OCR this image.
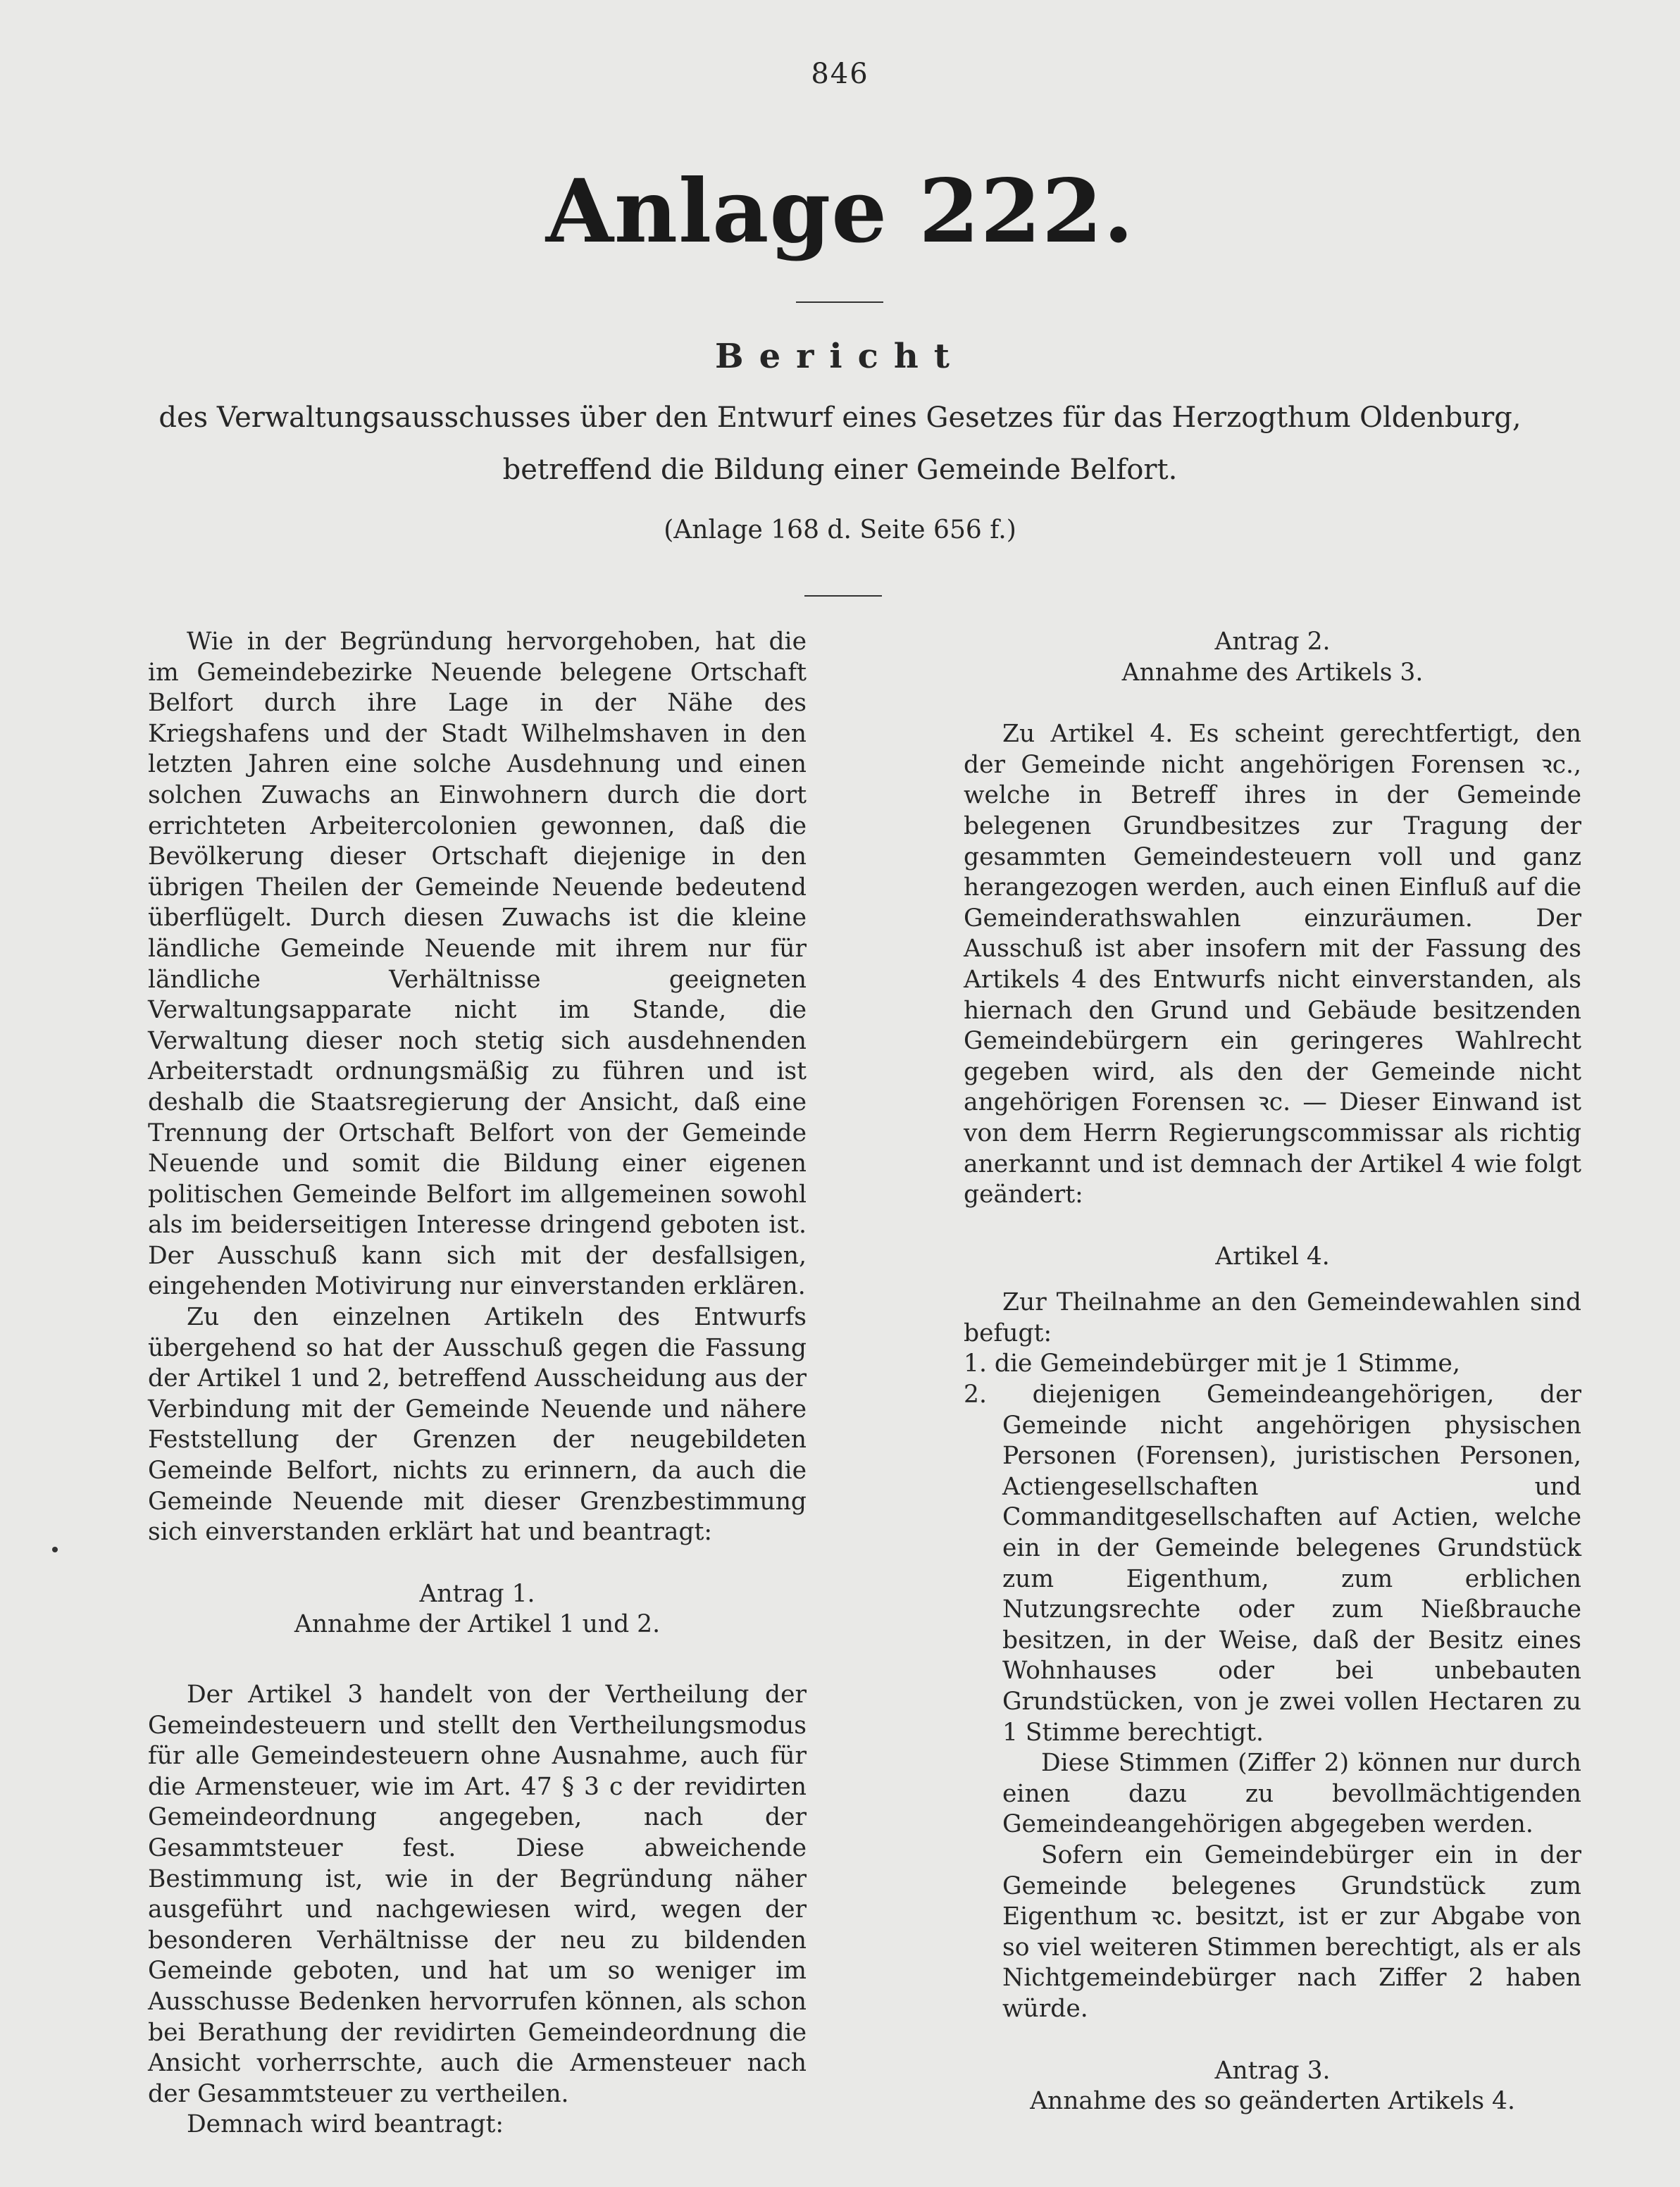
846
Anlage 222.
Bericht
des Verwaltungsausschusses über den Entwurf eines Gesetzes für das Herzogthum Oldenburg,
betreffend die Bildung einer Gemeinde Belfort.
(Anlage 168 d. Seite 656 f.)

Wie in der Begründung hervorgehoben, hat die im Gemeindebezirke Neuende belegene Ortschaft Belfort durch ihre Lage in der Nähe des Kriegshafens und der Stadt Wilhelmshaven in den letzten Jahren eine solche Ausdehnung und einen solchen Zuwachs an Einwohnern durch die dort errichteten Arbeitercolonien gewonnen, daß die Bevölkerung dieser Ortschaft diejenige in den übrigen Theilen der Gemeinde Neuende bedeutend überflügelt. Durch diesen Zuwachs ist die kleine ländliche Gemeinde Neuende mit ihrem nur für ländliche Verhältnisse geeigneten Verwaltungsapparate nicht im Stande, die Verwaltung dieser noch stetig sich ausdehnenden Arbeiterstadt ordnungsmäßig zu führen und ist deshalb die Staatsregierung der Ansicht, daß eine Trennung der Ortschaft Belfort von der Gemeinde Neuende und somit die Bildung einer eigenen politischen Gemeinde Belfort im allgemeinen sowohl als im beiderseitigen Interesse dringend geboten ist. Der Ausschuß kann sich mit der desfallsigen, eingehenden Motivirung nur einverstanden erklären.

Zu den einzelnen Artikeln des Entwurfs übergehend so hat der Ausschuß gegen die Fassung der Artikel 1 und 2, betreffend Ausscheidung aus der Verbindung mit der Gemeinde Neuende und nähere Feststellung der Grenzen der neugebildeten Gemeinde Belfort, nichts zu erinnern, da auch die Gemeinde Neuende mit dieser Grenzbestimmung sich einverstanden erklärt hat und beantragt:

Antrag 1.

Annahme der Artikel 1 und 2.

Der Artikel 3 handelt von der Vertheilung der Gemeindesteuern und stellt den Vertheilungsmodus für alle Gemeindesteuern ohne Ausnahme, auch für die Armensteuer, wie im Art. 47 § 3 c der revidirten Gemeindeordnung angegeben, nach der Gesammtsteuer fest. Diese abweichende Bestimmung ist, wie in der Begründung näher ausgeführt und nachgewiesen wird, wegen der besonderen Verhältnisse der neu zu bildenden Gemeinde geboten, und hat um so weniger im Ausschusse Bedenken hervorrufen können, als schon bei Berathung der revidirten Gemeindeordnung die Ansicht vorherrschte, auch die Armensteuer nach der Gesammtsteuer zu vertheilen.

Demnach wird beantragt:

Antrag 2.

Annahme des Artikels 3.

Zu Artikel 4. Es scheint gerechtfertigt, den der Gemeinde nicht angehörigen Forensen ꝛc., welche in Betreff ihres in der Gemeinde belegenen Grundbesitzes zur Tragung der gesammten Gemeindesteuern voll und ganz herangezogen werden, auch einen Einfluß auf die Gemeinderathswahlen einzuräumen. Der Ausschuß ist aber insofern mit der Fassung des Artikels 4 des Entwurfs nicht einverstanden, als hiernach den Grund und Gebäude besitzenden Gemeindebürgern ein geringeres Wahlrecht gegeben wird, als den der Gemeinde nicht angehörigen Forensen ꝛc. — Dieser Einwand ist von dem Herrn Regierungscommissar als richtig anerkannt und ist demnach der Artikel 4 wie folgt geändert:

Artikel 4.

Zur Theilnahme an den Gemeindewahlen sind befugt:

1. die Gemeindebürger mit je 1 Stimme,

2. diejenigen Gemeindeangehörigen, der Gemeinde nicht angehörigen physischen Personen (Forensen), juristischen Personen, Actiengesellschaften und Commanditgesellschaften auf Actien, welche ein in der Gemeinde belegenes Grundstück zum Eigenthum, zum erblichen Nutzungsrechte oder zum Nießbrauche besitzen, in der Weise, daß der Besitz eines Wohnhauses oder bei unbebauten Grundstücken, von je zwei vollen Hectaren zu 1 Stimme berechtigt.

Diese Stimmen (Ziffer 2) können nur durch einen dazu zu bevollmächtigenden Gemeindeangehörigen abgegeben werden.

Sofern ein Gemeindebürger ein in der Gemeinde belegenes Grundstück zum Eigenthum ꝛc. besitzt, ist er zur Abgabe von so viel weiteren Stimmen berechtigt, als er als Nichtgemeindebürger nach Ziffer 2 haben würde.

Antrag 3.

Annahme des so geänderten Artikels 4.
